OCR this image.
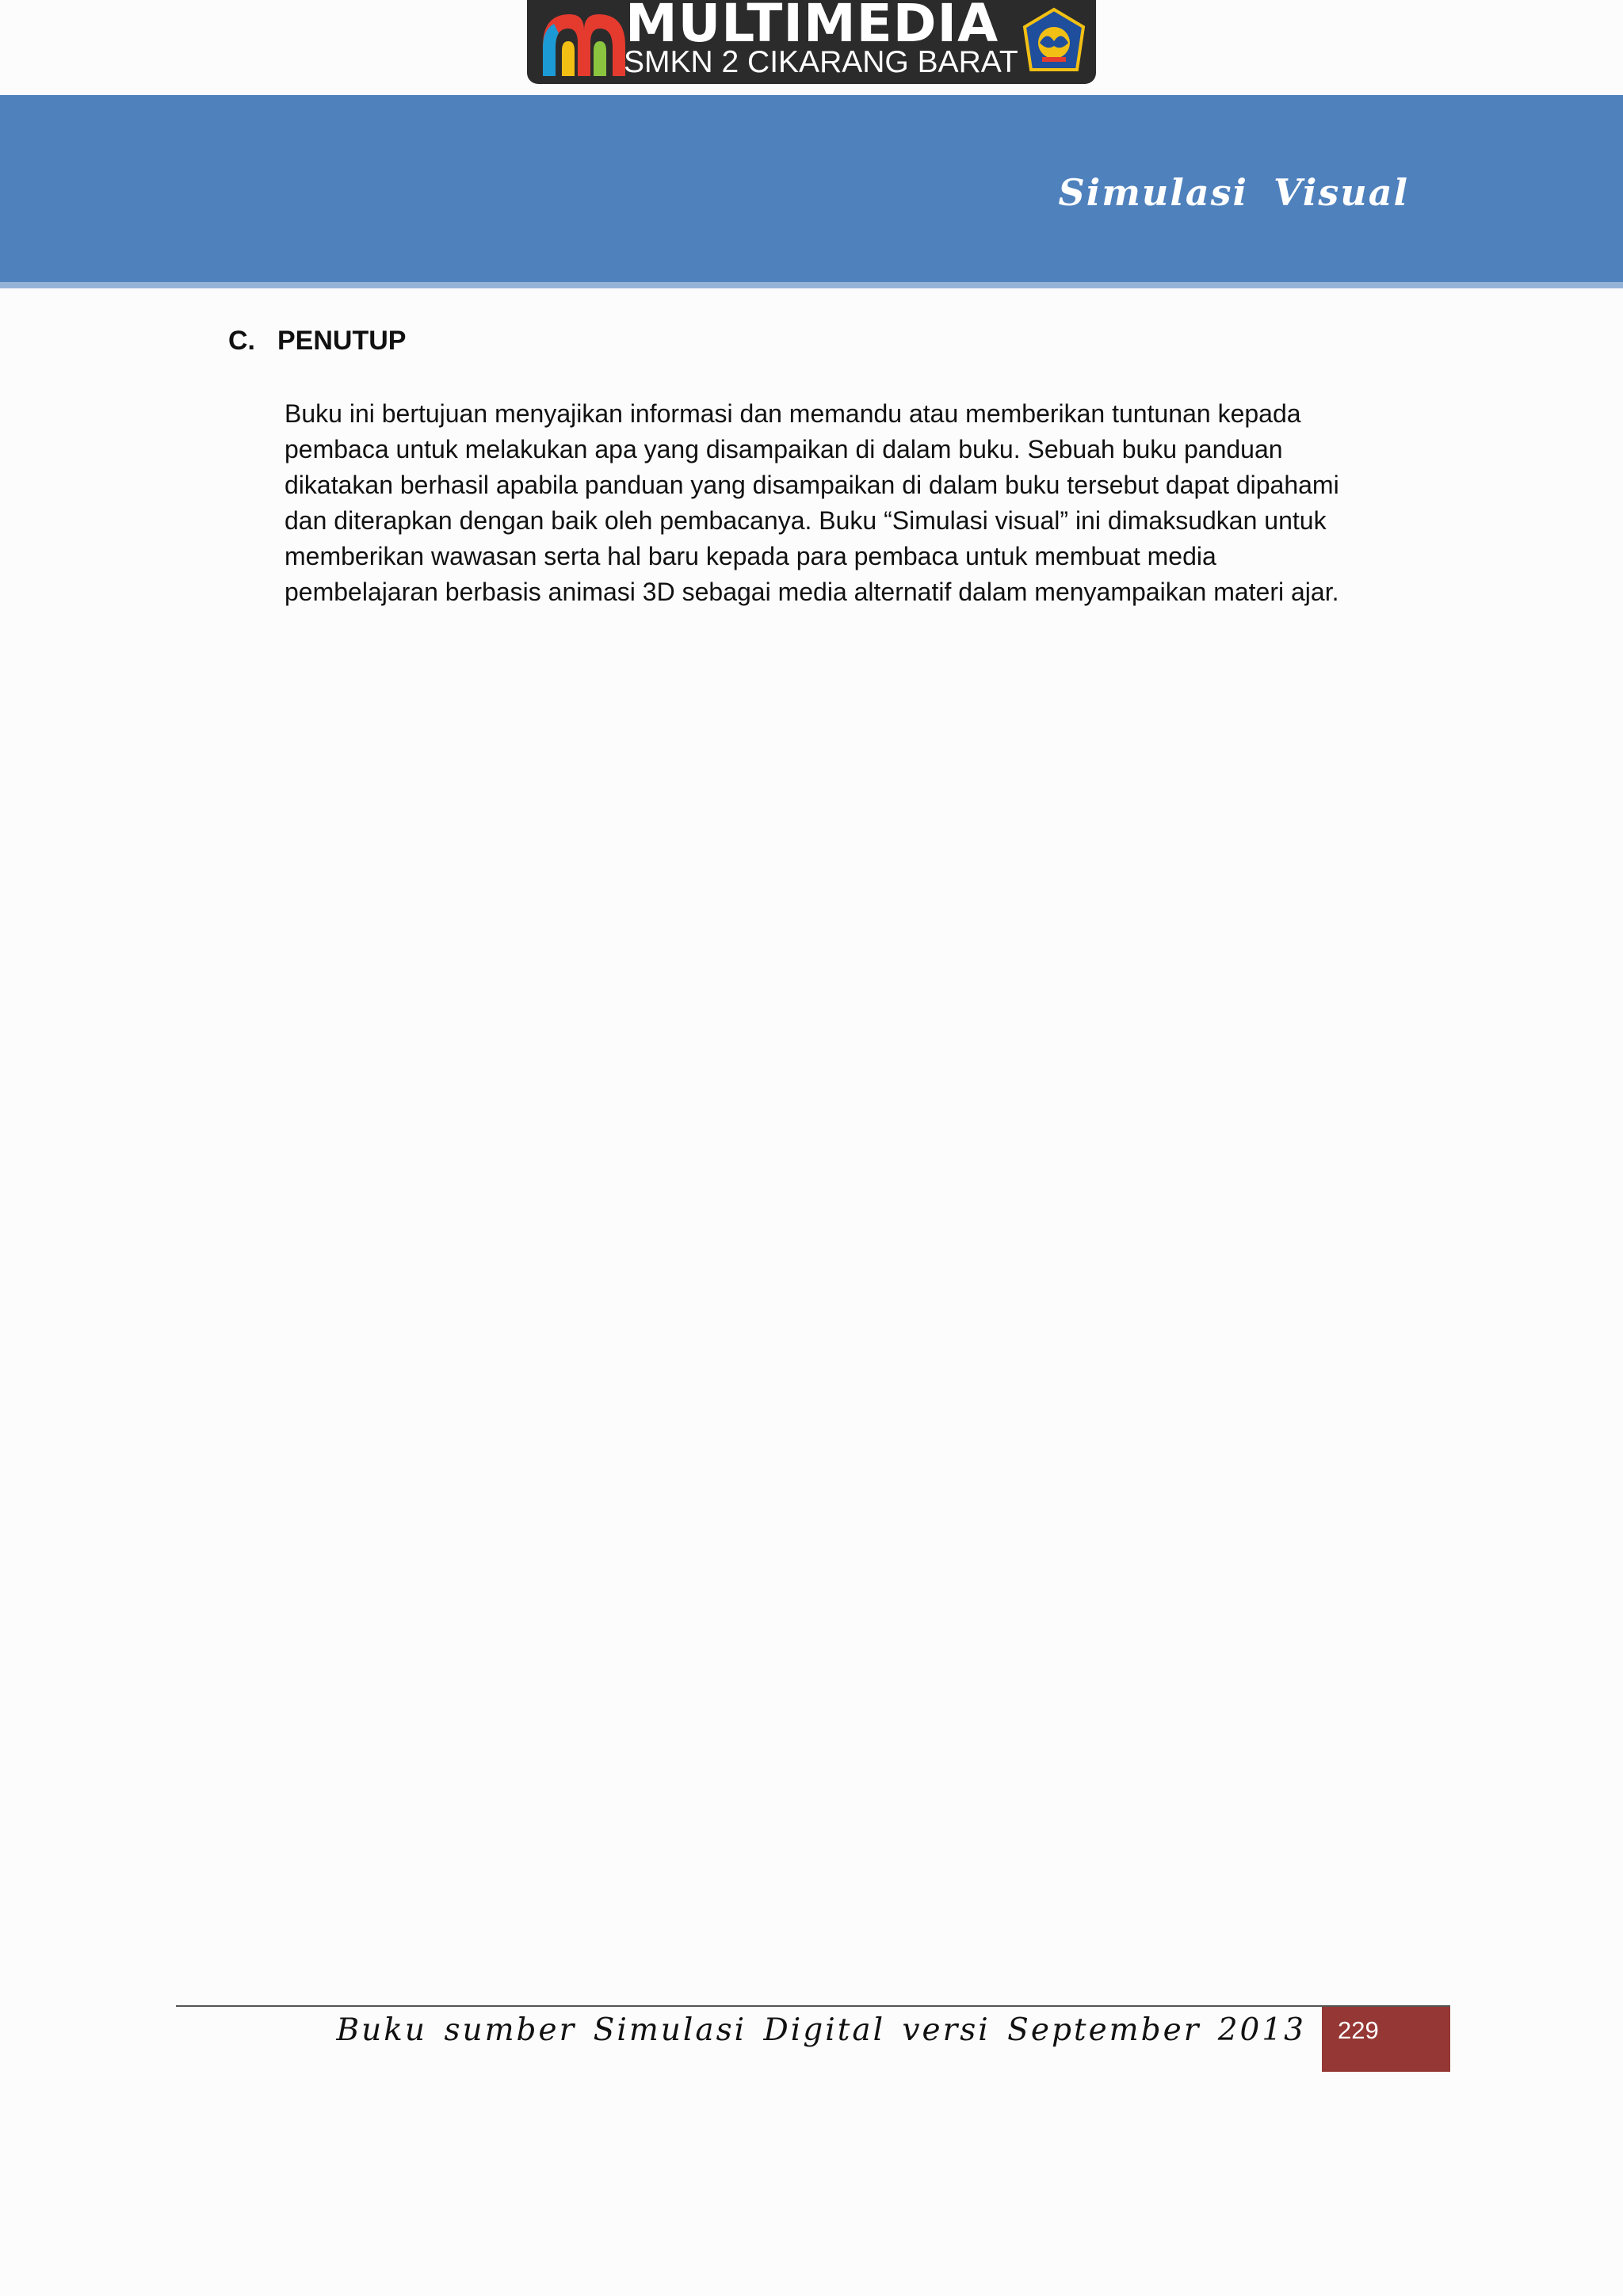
MULTIMEDIA
SMKN 2 CIKARANG BARAT
Simulasi Visual
C. PENUTUP

Buku ini bertujuan menyajikan informasi dan memandu atau memberikan tuntunan kepada
pembaca untuk melakukan apa yang disampaikan di dalam buku. Sebuah buku panduan
dikatakan berhasil apabila panduan yang disampaikan di dalam buku tersebut dapat dipahami
dan diterapkan dengan baik oleh pembacanya. Buku “Simulasi visual” ini dimaksudkan untuk
memberikan wawasan serta hal baru kepada para pembaca untuk membuat media
pembelajaran berbasis animasi 3D sebagai media alternatif dalam menyampaikan materi ajar.

Buku sumber Simulasi Digital versi September 2013 229
